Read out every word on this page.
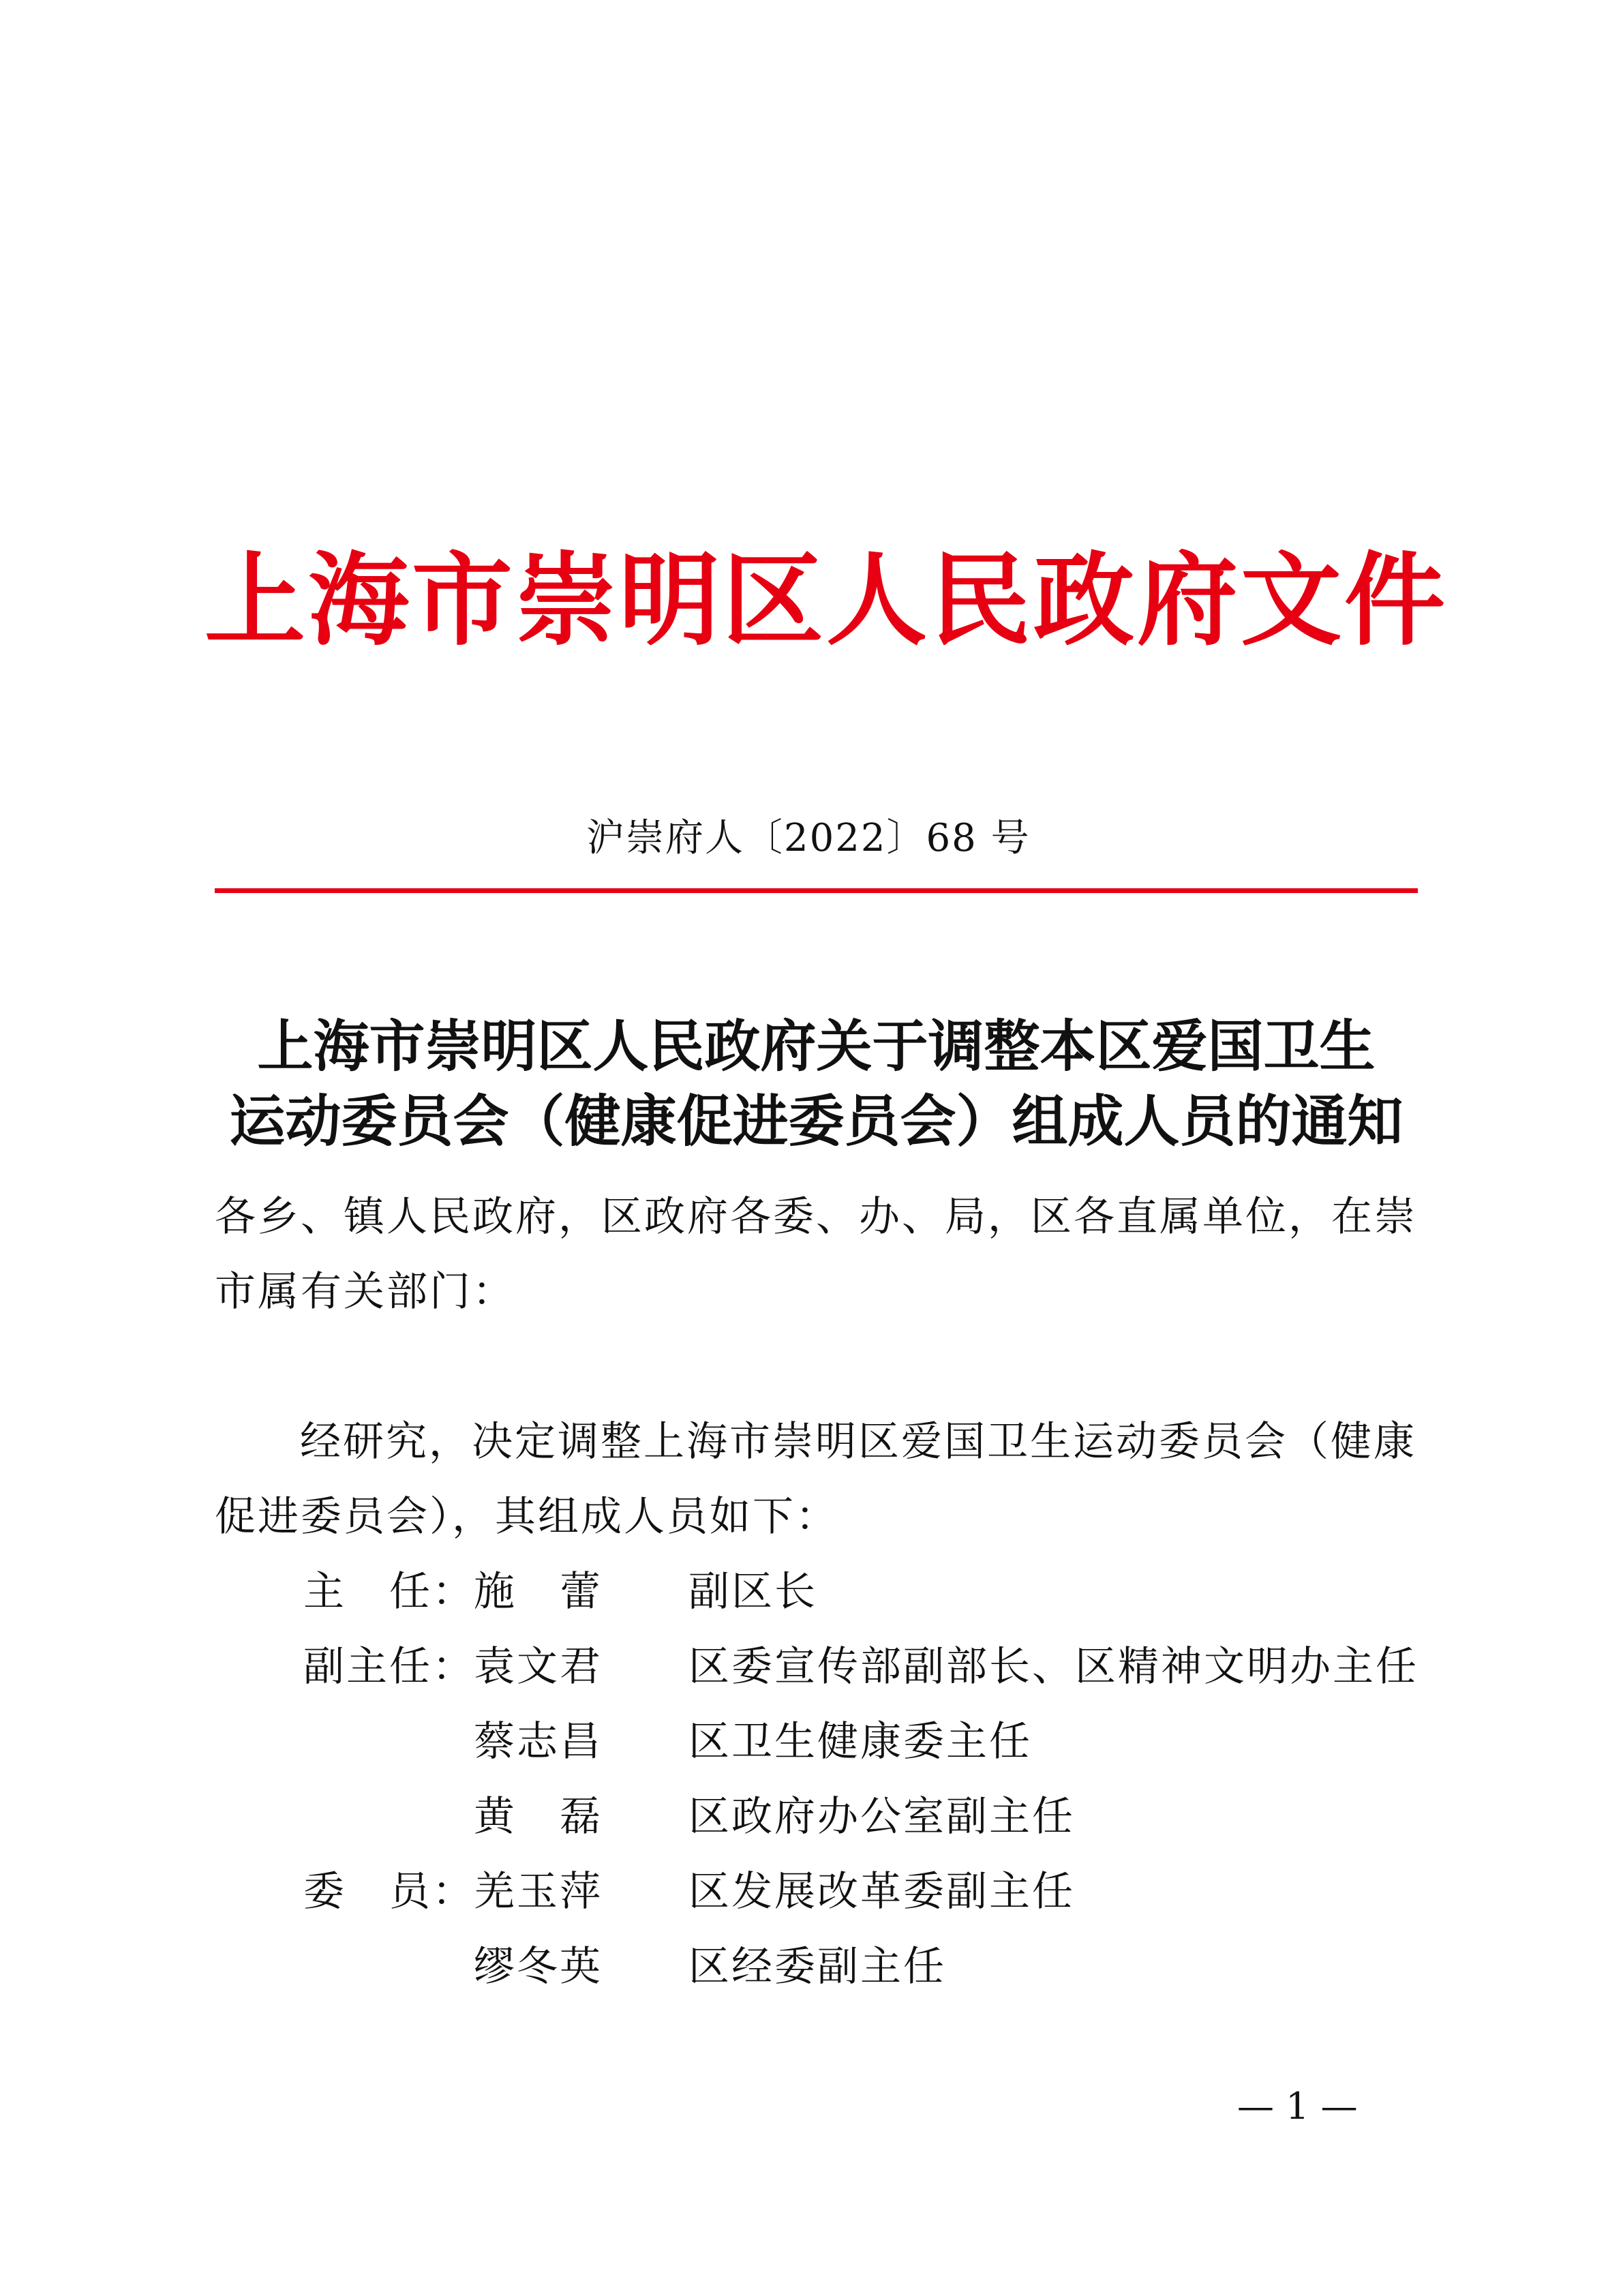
上海市崇明区人民政府文件
沪崇府人〔2022〕68 号
上海市崇明区人民政府关于调整本区爱国卫生
运动委员会（健康促进委员会）组成人员的通知
各乡、镇人民政府，区政府各委、办、局，区各直属单位，在崇
市属有关部门：
经研究，决定调整上海市崇明区爱国卫生运动委员会（健康
促进委员会），其组成人员如下：
主　任：
施　蕾 副区长
副主任：
袁文君 区委宣传部副部长、区精神文明办主任
蔡志昌 区卫生健康委主任
黄　磊 区政府办公室副主任
委　员：
羌玉萍 区发展改革委副主任
缪冬英 区经委副主任
— 1 —
